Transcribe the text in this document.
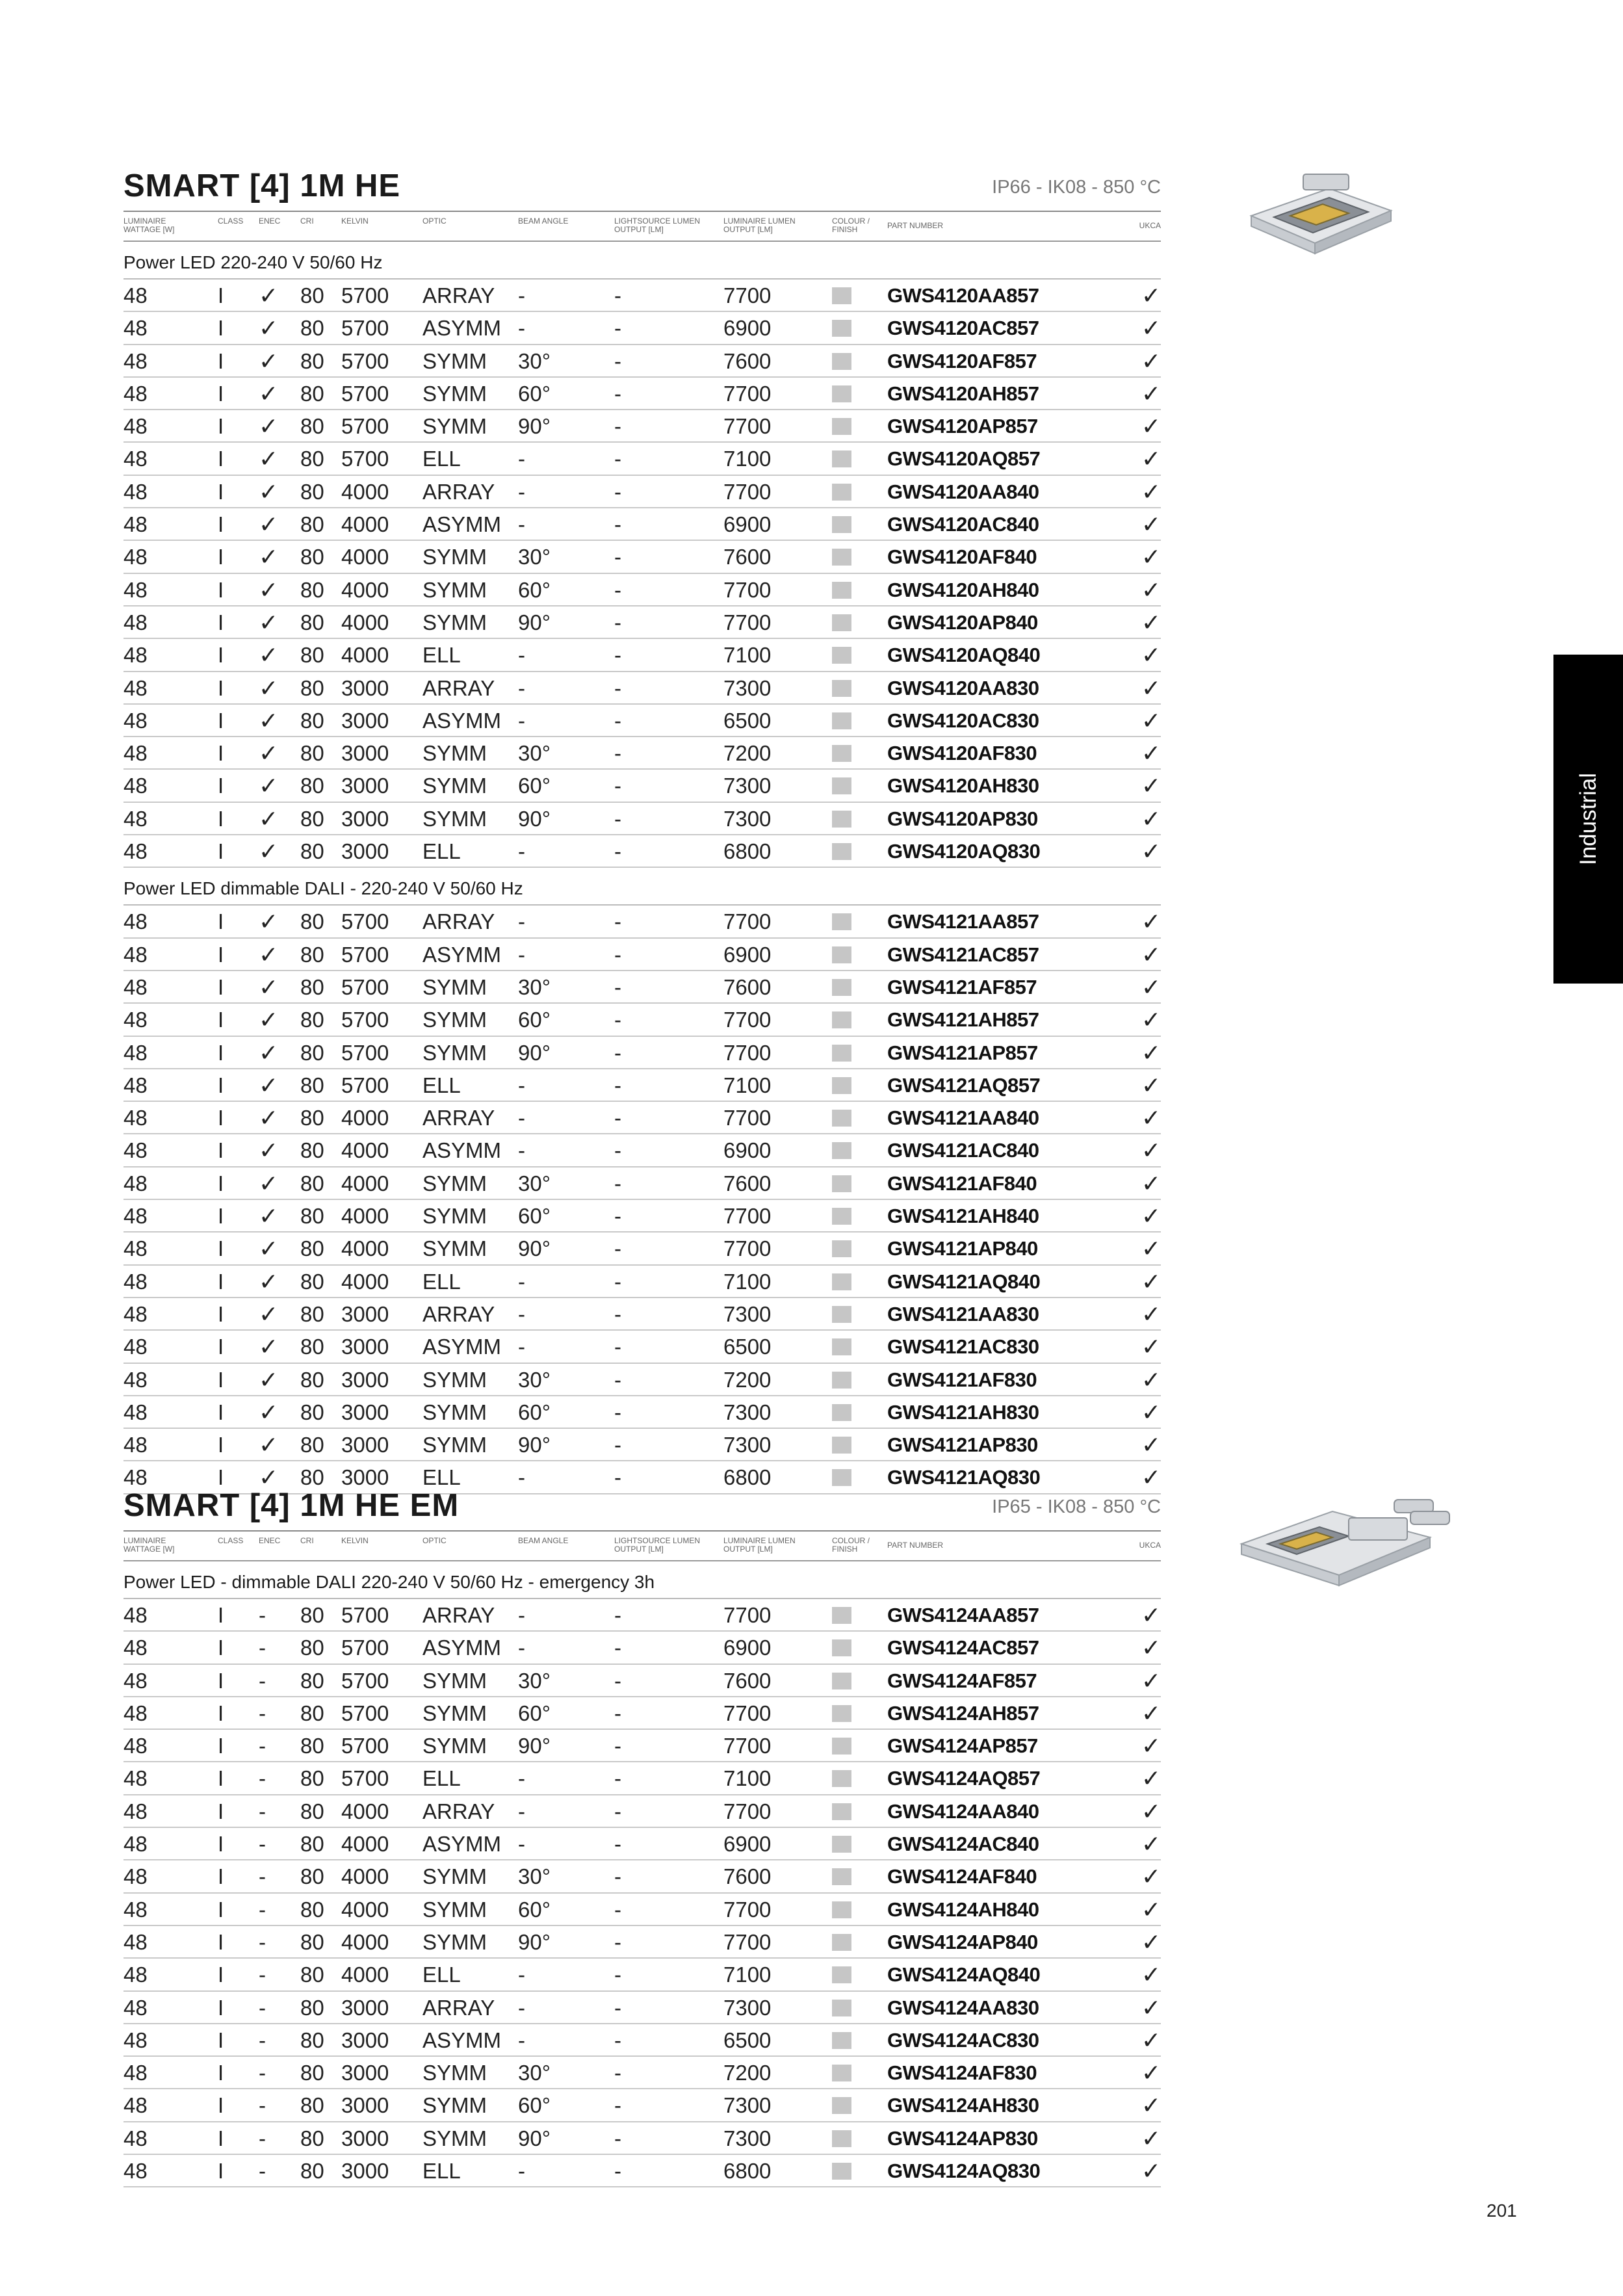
SMART [4] 1M HE	IP66 - IK08 - 850 °C
LUMINAIRE WATTAGE [W]
CLASS ENEC	CRI	KELVIN	OPTIC	BEAM ANGLE	LIGHTSOURCE LUMEN OUTPUT [LM]
LUMINAIRE LUMEN OUTPUT [LM]
COLOUR / FINISH	PART NUMBER	UKCA
Power LED 220-240 V 50/60 Hz
48	I ✓ 80 5700 ARRAY -	-	7700	GWS4120AA857	✓
48	I ✓ 80 5700 ASYMM -	-	6900	GWS4120AC857	✓
48	I ✓ 80 5700 SYMM 30°	-	7600	GWS4120AF857	✓
48	I ✓ 80 5700 SYMM 60°	-	7700	GWS4120AH857	✓
48	I ✓ 80 5700 SYMM 90°	-	7700	GWS4120AP857	✓
48	I ✓ 80 5700 ELL	-	-	7100	GWS4120AQ857	✓
48	I ✓ 80 4000 ARRAY -	-	7700	GWS4120AA840	✓
48	I ✓ 80 4000 ASYMM -	-	6900	GWS4120AC840	✓
48	I ✓ 80 4000 SYMM 30°	-	7600	GWS4120AF840	✓
48	I ✓ 80 4000 SYMM 60°	-	7700	GWS4120AH840	✓
48	I ✓ 80 4000 SYMM 90°	-	7700	GWS4120AP840	✓
48	I ✓ 80 4000 ELL	-	-	7100	GWS4120AQ840	✓
48	I ✓ 80 3000 ARRAY -	-	7300	GWS4120AA830	✓
48	I ✓ 80 3000 ASYMM -	-	6500	GWS4120AC830	✓
48	I ✓ 80 3000 SYMM 30°	-	7200	GWS4120AF830	✓
48	I ✓ 80 3000 SYMM 60°	-	7300	GWS4120AH830	✓
48	I ✓ 80 3000 SYMM 90°	-	7300	GWS4120AP830	✓
48	I ✓ 80 3000 ELL	-	-	6800	GWS4120AQ830	✓
Power LED dimmable DALI - 220-240 V 50/60 Hz
48	I ✓ 80 5700 ARRAY -	-	7700	GWS4121AA857	✓
48	I ✓ 80 5700 ASYMM -	-	6900	GWS4121AC857	✓
48	I ✓ 80 5700 SYMM 30°	-	7600	GWS4121AF857	✓
48	I ✓ 80 5700 SYMM 60°	-	7700	GWS4121AH857	✓
48	I ✓ 80 5700 SYMM 90°	-	7700	GWS4121AP857	✓
48	I ✓ 80 5700 ELL	-	-	7100	GWS4121AQ857	✓
48	I ✓ 80 4000 ARRAY -	-	7700	GWS4121AA840	✓
48	I ✓ 80 4000 ASYMM -	-	6900	GWS4121AC840	✓
48	I ✓ 80 4000 SYMM 30°	-	7600	GWS4121AF840	✓
48	I ✓ 80 4000 SYMM 60°	-	7700	GWS4121AH840	✓
48	I ✓ 80 4000 SYMM 90°	-	7700	GWS4121AP840	✓
48	I ✓ 80 4000 ELL	-	-	7100	GWS4121AQ840	✓
48	I ✓ 80 3000 ARRAY -	-	7300	GWS4121AA830	✓
48	I ✓ 80 3000 ASYMM -	-	6500	GWS4121AC830	✓
48	I ✓ 80 3000 SYMM 30°	-	7200	GWS4121AF830	✓
48	I ✓ 80 3000 SYMM 60°	-	7300	GWS4121AH830	✓
48	I ✓ 80 3000 SYMM 90°	-	7300	GWS4121AP830	✓
48	I ✓ 80 3000 ELL	-	-	6800	GWS4121AQ830	✓
SMART [4] 1M HE EM	IP65 - IK08 - 850 °C
LUMINAIRE WATTAGE [W]
CLASS ENEC	CRI	KELVIN	OPTIC	BEAM ANGLE	LIGHTSOURCE LUMEN OUTPUT [LM]
LUMINAIRE LUMEN OUTPUT [LM]
COLOUR / FINISH	PART NUMBER	UKCA
Power LED - dimmable DALI 220-240 V 50/60 Hz - emergency 3h
48	I - 80 5700 ARRAY -	-	7700	GWS4124AA857	✓
48	I - 80 5700 ASYMM -	-	6900	GWS4124AC857	✓
48	I - 80 5700 SYMM 30°	-	7600	GWS4124AF857	✓
48	I - 80 5700 SYMM 60°	-	7700	GWS4124AH857	✓
48	I - 80 5700 SYMM 90°	-	7700	GWS4124AP857	✓
48	I - 80 5700 ELL	-	-	7100	GWS4124AQ857	✓
48	I - 80 4000 ARRAY -	-	7700	GWS4124AA840	✓
48	I - 80 4000 ASYMM -	-	6900	GWS4124AC840	✓
48	I - 80 4000 SYMM 30°	-	7600	GWS4124AF840	✓
48	I - 80 4000 SYMM 60°	-	7700	GWS4124AH840	✓
48	I - 80 4000 SYMM 90°	-	7700	GWS4124AP840	✓
48	I - 80 4000 ELL	-	-	7100	GWS4124AQ840	✓
48	I - 80 3000 ARRAY -	-	7300	GWS4124AA830	✓
48	I - 80 3000 ASYMM -	-	6500	GWS4124AC830	✓
48	I - 80 3000 SYMM 30°	-	7200	GWS4124AF830	✓
48	I - 80 3000 SYMM 60°	-	7300	GWS4124AH830	✓
48	I - 80 3000 SYMM 90°	-	7300	GWS4124AP830	✓
48	I - 80 3000 ELL	-	-	6800	GWS4124AQ830	✓
Industrial
201
